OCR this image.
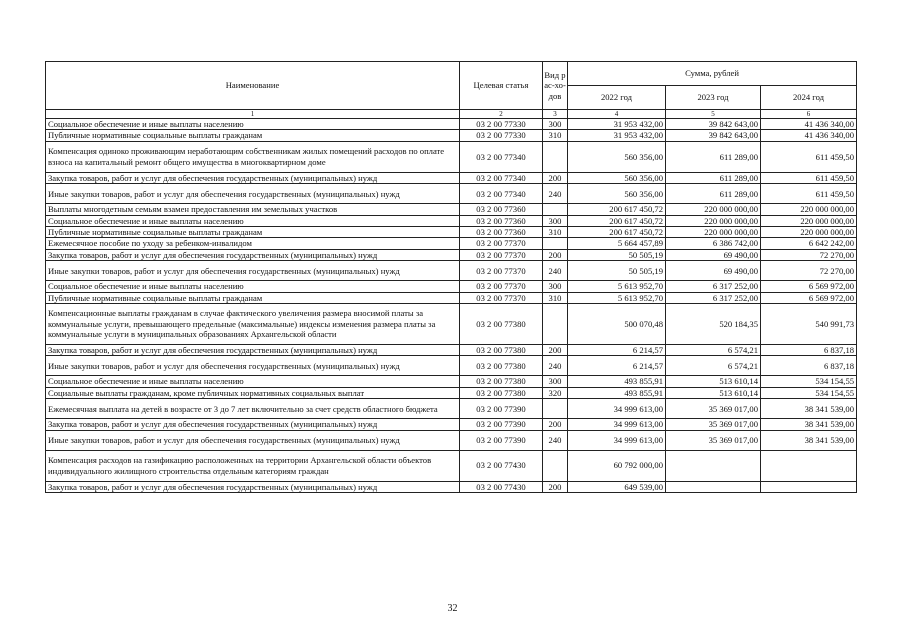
Наименование	Целевая статья	Вид рас-хо-дов	Сумма, рублей		
			2022 год	2023 год	2024 год
1	2	3	4	5	6
Социальное обеспечение и иные выплаты населению	03 2 00 77330	300	31 953 432,00	39 842 643,00	41 436 340,00
Публичные нормативные социальные выплаты гражданам	03 2 00 77330	310	31 953 432,00	39 842 643,00	41 436 340,00
Компенсация одиноко проживающим неработающим собственникам жилых помещений расходов по оплате взноса на капитальный ремонт общего имущества в многоквартирном доме	03 2 00 77340		560 356,00	611 289,00	611 459,50
Закупка товаров, работ и услуг для обеспечения государственных (муниципальных) нужд	03 2 00 77340	200	560 356,00	611 289,00	611 459,50
Иные закупки товаров, работ и услуг для обеспечения государственных (муниципальных) нужд	03 2 00 77340	240	560 356,00	611 289,00	611 459,50
Выплаты многодетным семьям взамен предоставления им земельных участков	03 2 00 77360		200 617 450,72	220 000 000,00	220 000 000,00
Социальное обеспечение и иные выплаты населению	03 2 00 77360	300	200 617 450,72	220 000 000,00	220 000 000,00
Публичные нормативные социальные выплаты гражданам	03 2 00 77360	310	200 617 450,72	220 000 000,00	220 000 000,00
Ежемесячное пособие по уходу за ребенком-инвалидом	03 2 00 77370		5 664 457,89	6 386 742,00	6 642 242,00
Закупка товаров, работ и услуг для обеспечения государственных (муниципальных) нужд	03 2 00 77370	200	50 505,19	69 490,00	72 270,00
Иные закупки товаров, работ и услуг для обеспечения государственных (муниципальных) нужд	03 2 00 77370	240	50 505,19	69 490,00	72 270,00
Социальное обеспечение и иные выплаты населению	03 2 00 77370	300	5 613 952,70	6 317 252,00	6 569 972,00
Публичные нормативные социальные выплаты гражданам	03 2 00 77370	310	5 613 952,70	6 317 252,00	6 569 972,00
Компенсационные выплаты гражданам в случае фактического увеличения размера вносимой платы за коммунальные услуги, превышающего предельные (максимальные) индексы изменения размера платы за коммунальные услуги в муниципальных образованиях Архангельской области	03 2 00 77380		500 070,48	520 184,35	540 991,73
Закупка товаров, работ и услуг для обеспечения государственных (муниципальных) нужд	03 2 00 77380	200	6 214,57	6 574,21	6 837,18
Иные закупки товаров, работ и услуг для обеспечения государственных (муниципальных) нужд	03 2 00 77380	240	6 214,57	6 574,21	6 837,18
Социальное обеспечение и иные выплаты населению	03 2 00 77380	300	493 855,91	513 610,14	534 154,55
Социальные выплаты гражданам, кроме публичных нормативных социальных выплат	03 2 00 77380	320	493 855,91	513 610,14	534 154,55
Ежемесячная выплата на детей в возрасте от 3 до 7 лет включительно за счет средств областного бюджета	03 2 00 77390		34 999 613,00	35 369 017,00	38 341 539,00
Закупка товаров, работ и услуг для обеспечения государственных (муниципальных) нужд	03 2 00 77390	200	34 999 613,00	35 369 017,00	38 341 539,00
Иные закупки товаров, работ и услуг для обеспечения государственных (муниципальных) нужд	03 2 00 77390	240	34 999 613,00	35 369 017,00	38 341 539,00
Компенсация расходов на газификацию расположенных на территории Архангельской области объектов индивидуального жилищного строительства отдельным категориям граждан	03 2 00 77430		60 792 000,00		
Закупка товаров, работ и услуг для обеспечения государственных (муниципальных) нужд	03 2 00 77430	200	649 539,00		
32
